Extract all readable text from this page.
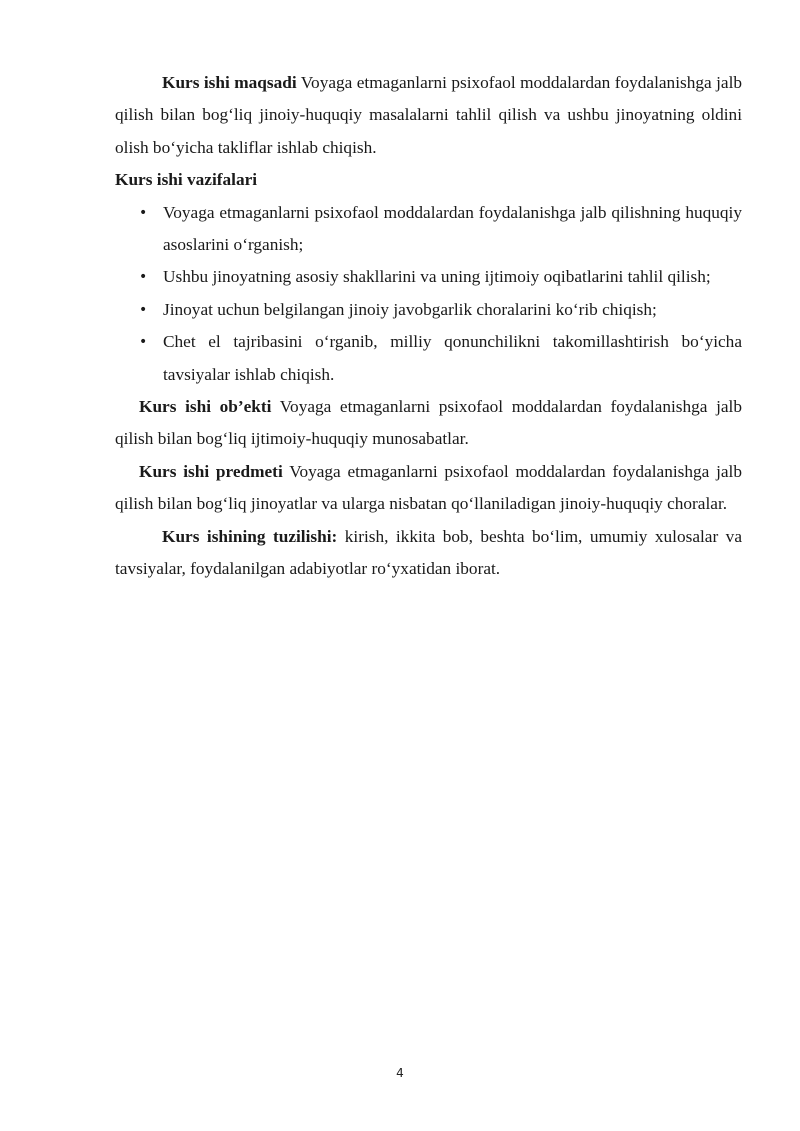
Kurs ishi maqsadi Voyaga etmaganlarni psixofaol moddalardan foydalanishga jalb qilish bilan bog‘liq jinoiy-huquqiy masalalarni tahlil qilish va ushbu jinoyatning oldini olish bo‘yicha takliflar ishlab chiqish.

Kurs ishi vazifalari

• Voyaga etmaganlarni psixofaol moddalardan foydalanishga jalb qilishning huquqiy asoslarini o‘rganish;
• Ushbu jinoyatning asosiy shakllarini va uning ijtimoiy oqibatlarini tahlil qilish;
• Jinoyat uchun belgilangan jinoiy javobgarlik choralarini ko‘rib chiqish;
• Chet el tajribasini o‘rganib, milliy qonunchilikni takomillashtirish bo‘yicha tavsiyalar ishlab chiqish.

Kurs ishi ob’ekti Voyaga etmaganlarni psixofaol moddalardan foydalanishga jalb qilish bilan bog‘liq ijtimoiy-huquqiy munosabatlar.

Kurs ishi predmeti Voyaga etmaganlarni psixofaol moddalardan foydalanishga jalb qilish bilan bog‘liq jinoyatlar va ularga nisbatan qo‘llaniladigan jinoiy-huquqiy choralar.

Kurs ishining tuzilishi: kirish, ikkita bob, beshta bo‘lim, umumiy xulosalar va tavsiyalar, foydalanilgan adabiyotlar ro‘yxatidan iborat.

4
